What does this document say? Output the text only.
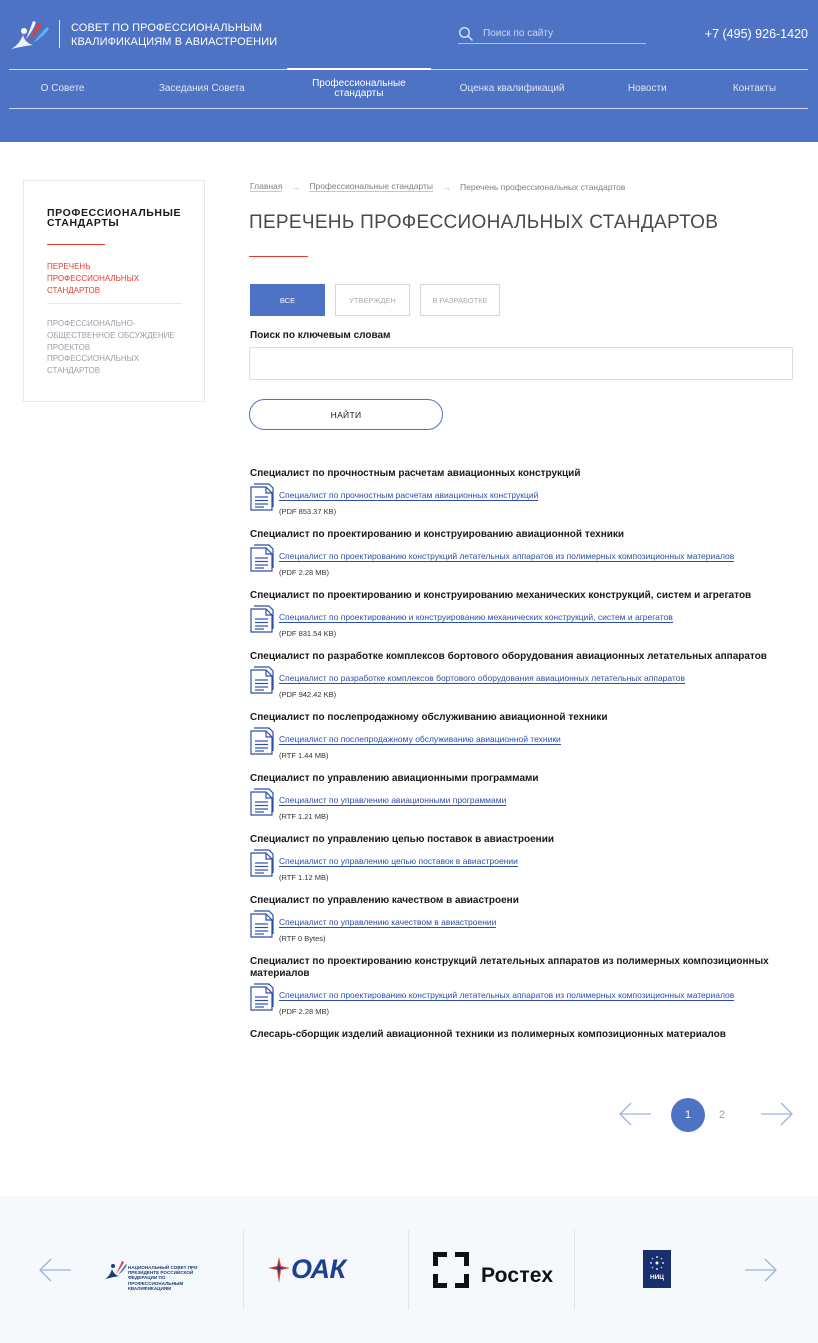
СОВЕТ ПО ПРОФЕССИОНАЛЬНЫМ КВАЛИФИКАЦИЯМ В АВИАСТРОЕНИИ
Поиск по сайту
+7 (495) 926-1420
О Совете	Заседания Совета	Профессиональные стандарты	Оценка квалификаций	Новости	Контакты
ПРОФЕССИОНАЛЬНЫЕ СТАНДАРТЫ
ПЕРЕЧЕНЬ ПРОФЕССИОНАЛЬНЫХ СТАНДАРТОВ
ПРОФЕССИОНАЛЬНО-ОБЩЕСТВЕННОЕ ОБСУЖДЕНИЕ ПРОЕКТОВ ПРОФЕССИОНАЛЬНЫХ СТАНДАРТОВ
Главная → Профессиональные стандарты → Перечень профессиональных стандартов
ПЕРЕЧЕНЬ ПРОФЕССИОНАЛЬНЫХ СТАНДАРТОВ
ВСЕ	УТВЕРЖДЕН	В РАЗРАБОТКЕ
Поиск по ключевым словам
НАЙТИ
Специалист по прочностным расчетам авиационных конструкций
Специалист по прочностным расчетам авиационных конструкций
(PDF 853.37 KB)
Специалист по проектированию и конструированию авиационной техники
Специалист по проектированию конструкций летательных аппаратов из полимерных композиционных материалов
(PDF 2.28 MB)
Специалист по проектированию и конструированию механических конструкций, систем и агрегатов
Специалист по проектированию и конструированию механических конструкций, систем и агрегатов
(PDF 831.54 KB)
Специалист по разработке комплексов бортового оборудования авиационных летательных аппаратов
Специалист по разработке комплексов бортового оборудования авиационных летательных аппаратов
(PDF 942.42 KB)
Специалист по послепродажному обслуживанию авиационной техники
Специалист по послепродажному обслуживанию авиационной техники
(RTF 1.44 MB)
Специалист по управлению авиационными программами
Специалист по управлению авиационными программами
(RTF 1.21 MB)
Специалист по управлению цепью поставок в авиастроении
Специалист по управлению цепью поставок в авиастроении
(RTF 1.12 MB)
Специалист по управлению качеством в авиастроени
Специалист по управлению качеством в авиастроении
(RTF 0 Bytes)
Специалист по проектированию конструкций летательных аппаратов из полимерных композиционных материалов
Специалист по проектированию конструкций летательных аппаратов из полимерных композиционных материалов
(PDF 2.28 MB)
Слесарь-сборщик изделий авиационной техники из полимерных композиционных материалов
1	2
НАЦИОНАЛЬНЫЙ СОВЕТ ПРИ ПРЕЗИДЕНТЕ РОССИЙСКОЙ ФЕДЕРАЦИИ ПО ПРОФЕССИОНАЛЬНЫМ КВАЛИФИКАЦИЯМ
ОАК	Ростех	НИЦ
